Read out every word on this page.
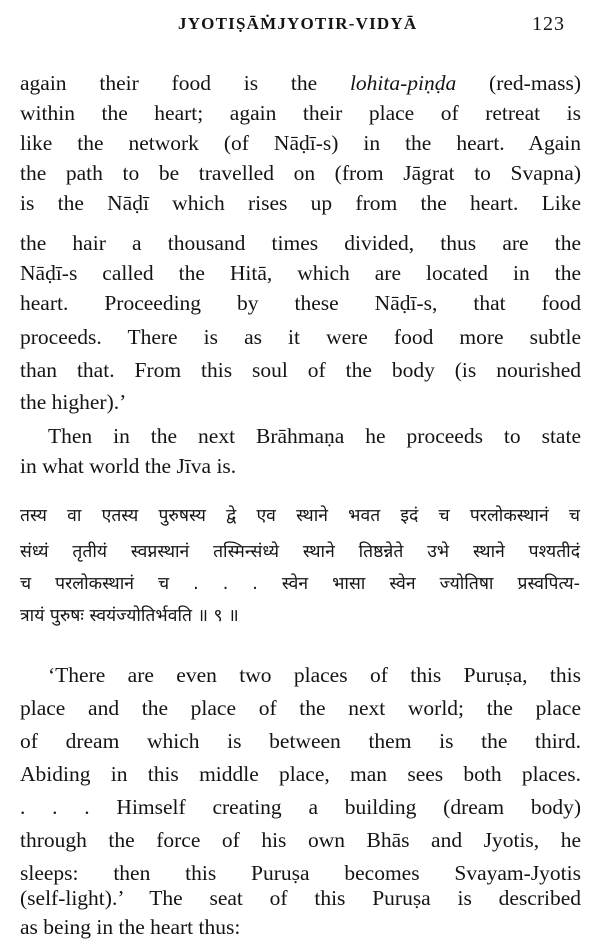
JYOTIṢĀṀJYOTIR-VIDYĀ	123
again their food is the lohita-piṇḍa (red-mass)
within the heart; again their place of retreat is
like the network (of Nāḍī-s) in the heart. Again
the path to be travelled on (from Jāgrat to Svapna)
is the Nāḍī which rises up from the heart. Like
the hair a thousand times divided, thus are the
Nāḍī-s called the Hitā, which are located in the
heart. Proceeding by these Nāḍī-s, that food
proceeds. There is as it were food more subtle
than that. From this soul of the body (is nourished
the higher).’
Then in the next Brāhmaṇa he proceeds to state
in what world the Jīva is.
तस्य वा एतस्य पुरुषस्य द्वे एव स्थाने भवत इदं च परलोकस्थानं च
संध्यं तृतीयं स्वप्नस्थानं तस्मिन्संध्ये स्थाने तिष्ठन्नेते उभे स्थाने पश्यतीदं
च परलोकस्थानं च . . . स्वेन भासा स्वेन ज्योतिषा प्रस्वपित्य-
त्रायं पुरुषः स्वयंज्योतिर्भवति ॥ ९ ॥
‘There are even two places of this Puruṣa, this
place and the place of the next world; the place
of dream which is between them is the third.
Abiding in this middle place, man sees both places.
. . . Himself creating a building (dream body)
through the force of his own Bhās and Jyotis, he
sleeps: then this Puruṣa becomes Svayam-Jyotis
(self-light).’ The seat of this Puruṣa is described
as being in the heart thus:
